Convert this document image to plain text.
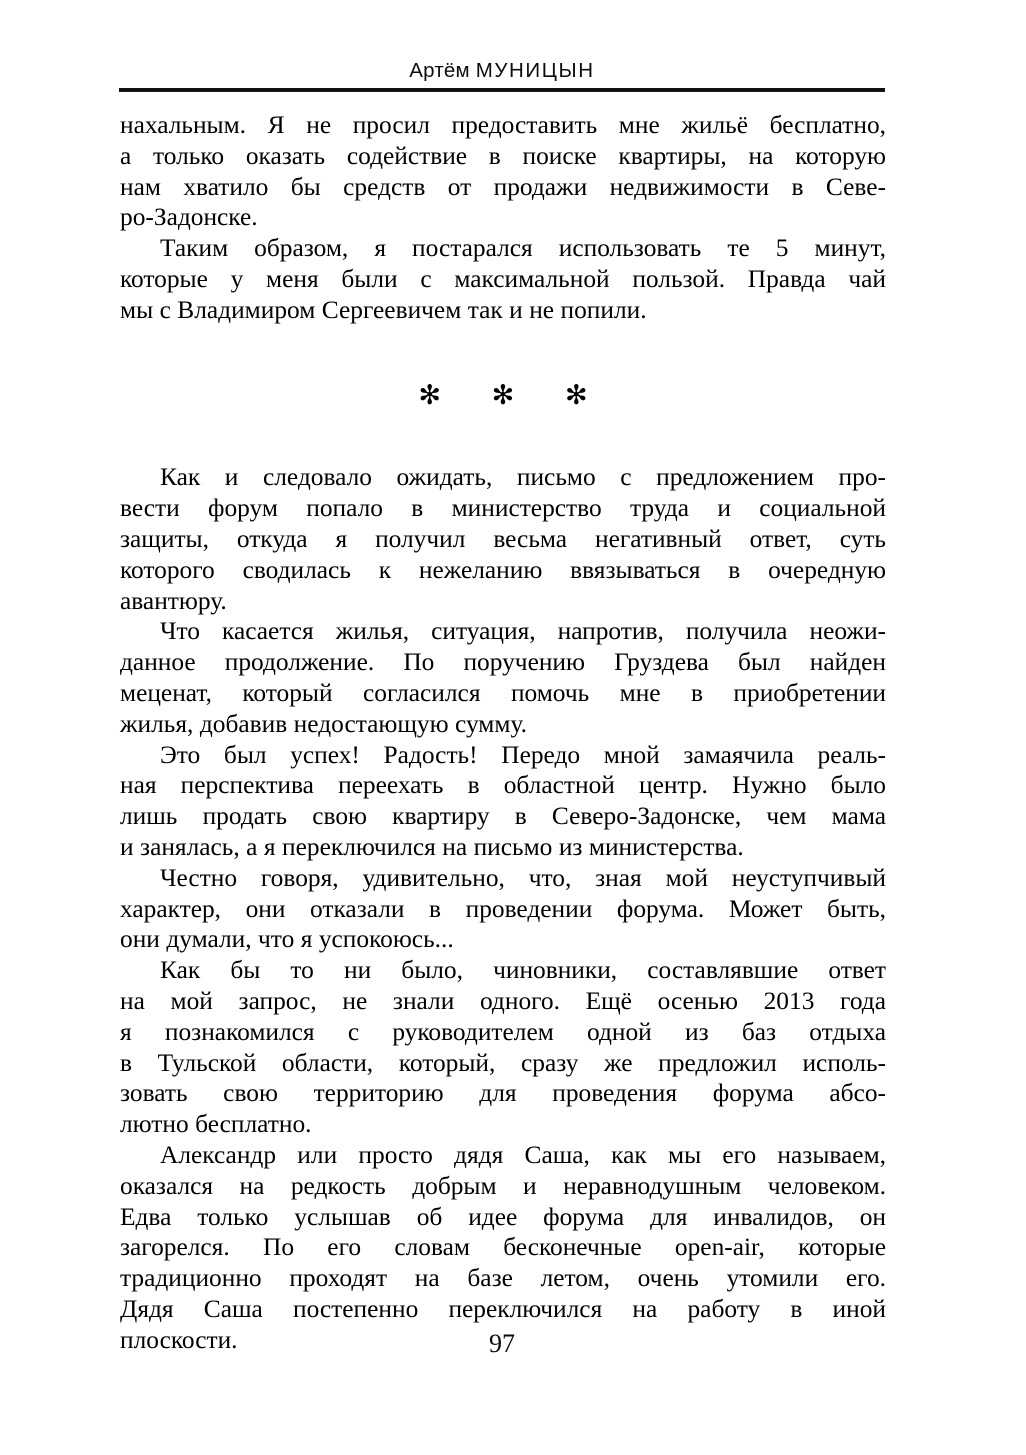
Артём МУНИЦЫН

нахальным. Я не просил предоставить мне жильё бесплатно,
а только оказать содействие в поиске квартиры, на которую
нам хватило бы средств от продажи недвижимости в Севе-
ро-Задонске.

Таким образом, я постарался использовать те 5 минут,
которые у меня были с максимальной пользой. Правда чай
мы с Владимиром Сергеевичем так и не попили.

✻ ✻ ✻

Как и следовало ожидать, письмо с предложением про-
вести форум попало в министерство труда и социальной
защиты, откуда я получил весьма негативный ответ, суть
которого сводилась к нежеланию ввязываться в очередную
авантюру.

Что касается жилья, ситуация, напротив, получила неожи-
данное продолжение. По поручению Груздева был найден
меценат, который согласился помочь мне в приобретении
жилья, добавив недостающую сумму.

Это был успех! Радость! Передо мной замаячила реаль-
ная перспектива переехать в областной центр. Нужно было
лишь продать свою квартиру в Северо-Задонске, чем мама
и занялась, а я переключился на письмо из министерства.

Честно говоря, удивительно, что, зная мой неуступчивый
характер, они отказали в проведении форума. Может быть,
они думали, что я успокоюсь...

Как бы то ни было, чиновники, составлявшие ответ
на мой запрос, не знали одного. Ещё осенью 2013 года
я познакомился с руководителем одной из баз отдыха
в Тульской области, который, сразу же предложил исполь-
зовать свою территорию для проведения форума абсо-
лютно бесплатно.

Александр или просто дядя Саша, как мы его называем,
оказался на редкость добрым и неравнодушным человеком.
Едва только услышав об идее форума для инвалидов, он
загорелся. По его словам бесконечные open-air, которые
традиционно проходят на базе летом, очень утомили его.
Дядя Саша постепенно переключился на работу в иной
плоскости.	97
